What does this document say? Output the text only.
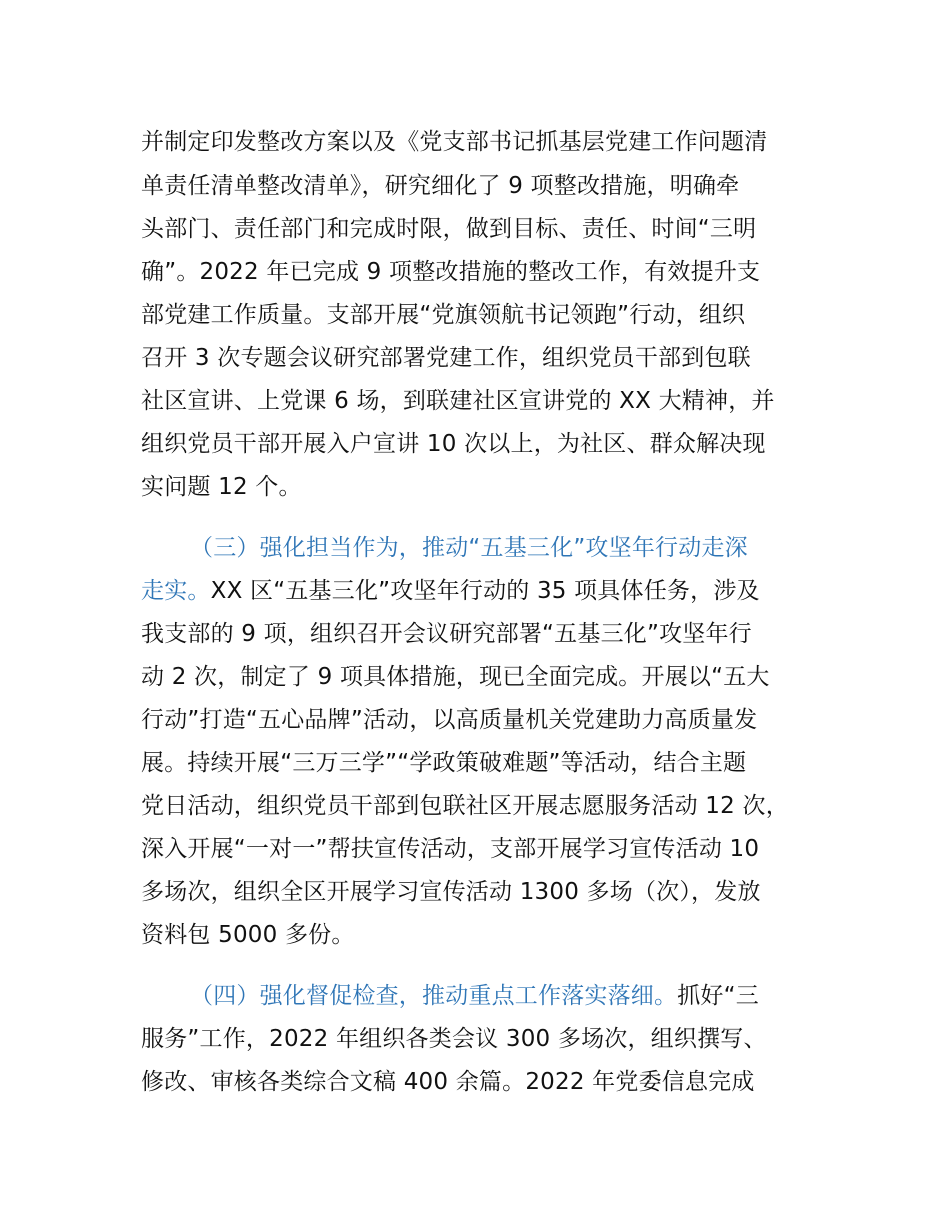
并制定印发整改方案以及《党支部书记抓基层党建工作问题清
单责任清单整改清单》，研究细化了 9 项整改措施，明确牵
头部门、责任部门和完成时限，做到目标、责任、时间“三明
确”。2022 年已完成 9 项整改措施的整改工作，有效提升支
部党建工作质量。支部开展“党旗领航书记领跑”行动，组织
召开 3 次专题会议研究部署党建工作，组织党员干部到包联
社区宣讲、上党课 6 场，到联建社区宣讲党的 XX 大精神，并
组织党员干部开展入户宣讲 10 次以上，为社区、群众解决现
实问题 12 个。
（三）强化担当作为，推动“五基三化”攻坚年行动走深
走实。XX 区“五基三化”攻坚年行动的 35 项具体任务，涉及
我支部的 9 项，组织召开会议研究部署“五基三化”攻坚年行
动 2 次，制定了 9 项具体措施，现已全面完成。开展以“五大
行动”打造“五心品牌”活动，以高质量机关党建助力高质量发
展。持续开展“三万三学”“学政策破难题”等活动，结合主题
党日活动，组织党员干部到包联社区开展志愿服务活动 12 次，
深入开展“一对一”帮扶宣传活动，支部开展学习宣传活动 10
多场次，组织全区开展学习宣传活动 1300 多场（次），发放
资料包 5000 多份。
（四）强化督促检查，推动重点工作落实落细。抓好“三
服务”工作，2022 年组织各类会议 300 多场次，组织撰写、
修改、审核各类综合文稿 400 余篇。2022 年党委信息完成
